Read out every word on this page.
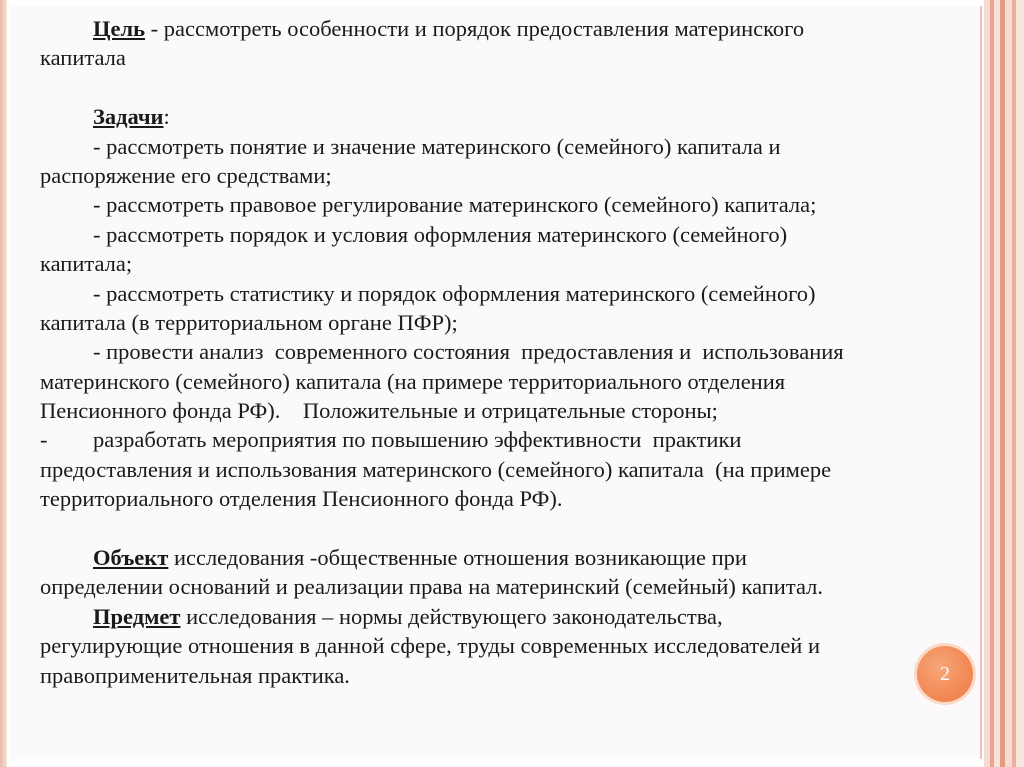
Цель - рассмотреть особенности и порядок предоставления материнского
капитала
Задачи:
- рассмотреть понятие и значение материнского (семейного) капитала и
распоряжение его средствами;
- рассмотреть правовое регулирование материнского (семейного) капитала;
- рассмотреть порядок и условия оформления материнского (семейного)
капитала;
- рассмотреть статистику и порядок оформления материнского (семейного)
капитала (в территориальном органе ПФР);
- провести анализ  современного состояния  предоставления и  использования
материнского (семейного) капитала (на примере территориального отделения
Пенсионного фонда РФ).    Положительные и отрицательные стороны;
- разработать мероприятия по повышению эффективности  практики
предоставления и использования материнского (семейного) капитала  (на примере
территориального отделения Пенсионного фонда РФ).
Объект исследования -общественные отношения возникающие при
определении оснований и реализации права на материнский (семейный) капитал.
Предмет исследования – нормы действующего законодательства,
регулирующие отношения в данной сфере, труды современных исследователей и
правоприменительная практика.	2
